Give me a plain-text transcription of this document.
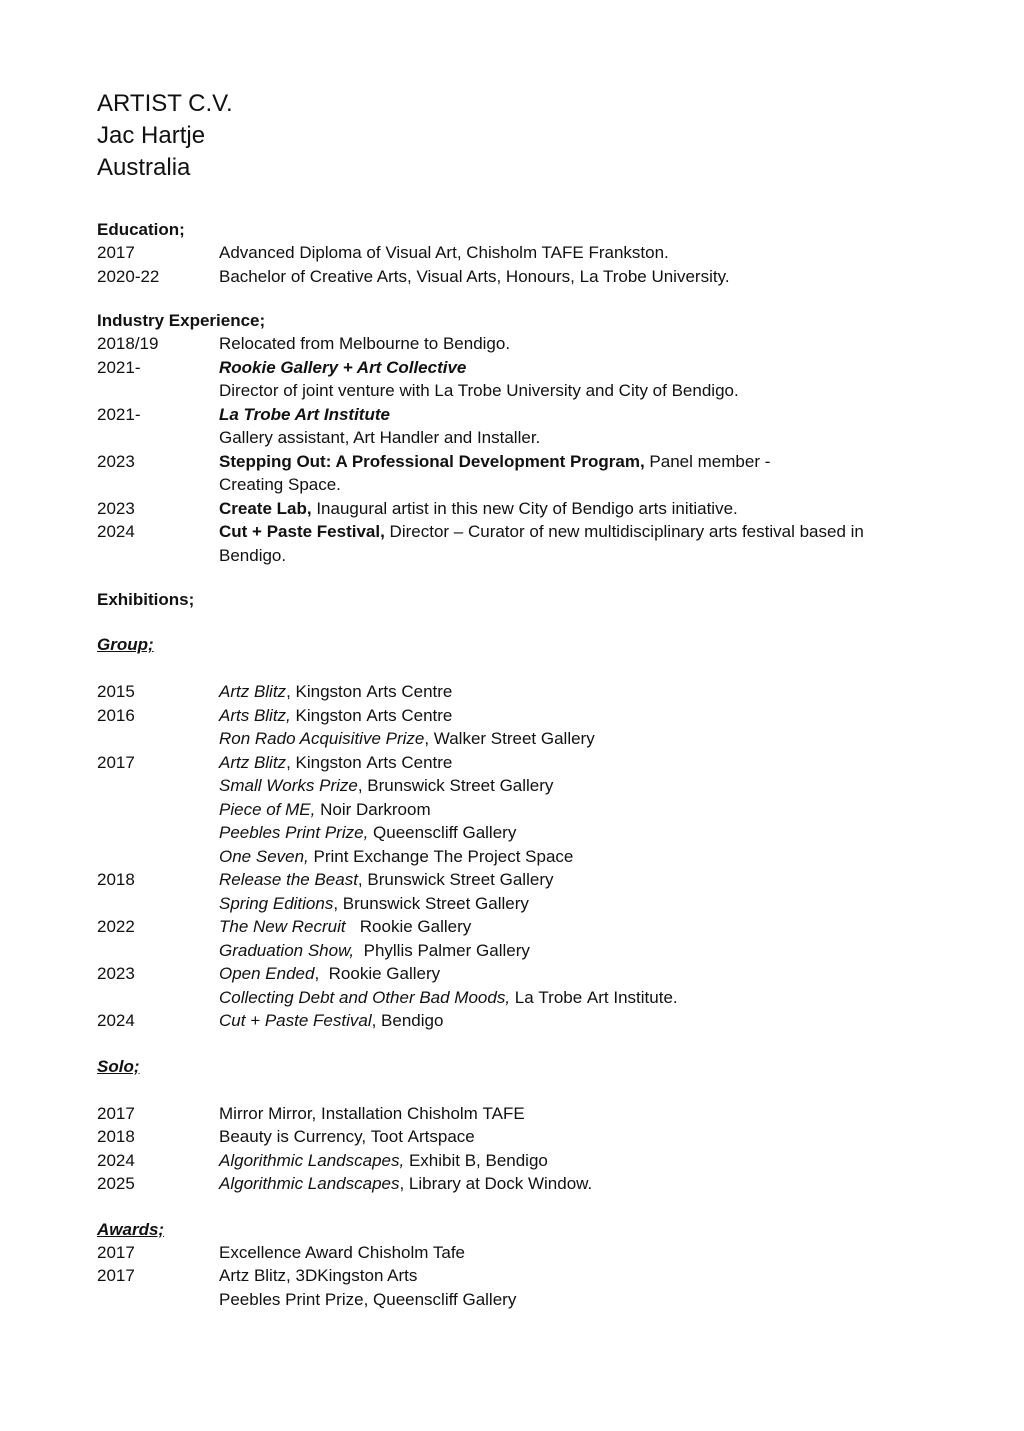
ARTIST C.V.
Jac Hartje
Australia
Education;
2017	Advanced Diploma of Visual Art, Chisholm TAFE Frankston.
2020-22	Bachelor of Creative Arts, Visual Arts, Honours, La Trobe University.
Industry Experience;
2018/19	Relocated from Melbourne to Bendigo.
2021-	Rookie Gallery + Art Collective
Director of joint venture with La Trobe University and City of Bendigo.
2021-	La Trobe Art Institute
Gallery assistant, Art Handler and Installer.
2023	Stepping Out: A Professional Development Program, Panel member -
Creating Space.
2023	Create Lab, Inaugural artist in this new City of Bendigo arts initiative.
2024	Cut + Paste Festival, Director – Curator of new multidisciplinary arts festival based in
Bendigo.
Exhibitions;
Group;
2015	Artz Blitz, Kingston Arts Centre
2016	Arts Blitz, Kingston Arts Centre
Ron Rado Acquisitive Prize, Walker Street Gallery
2017	Artz Blitz, Kingston Arts Centre
Small Works Prize, Brunswick Street Gallery
Piece of ME, Noir Darkroom
Peebles Print Prize, Queenscliff Gallery
One Seven, Print Exchange The Project Space
2018	Release the Beast, Brunswick Street Gallery
Spring Editions, Brunswick Street Gallery
2022	The New Recruit   Rookie Gallery
Graduation Show,  Phyllis Palmer Gallery
2023	Open Ended,  Rookie Gallery
Collecting Debt and Other Bad Moods, La Trobe Art Institute.
2024	Cut + Paste Festival, Bendigo
Solo;
2017	Mirror Mirror, Installation Chisholm TAFE
2018	Beauty is Currency, Toot Artspace
2024	Algorithmic Landscapes, Exhibit B, Bendigo
2025	Algorithmic Landscapes, Library at Dock Window.
Awards;
2017	Excellence Award Chisholm Tafe
2017	Artz Blitz, 3DKingston Arts
Peebles Print Prize, Queenscliff Gallery
